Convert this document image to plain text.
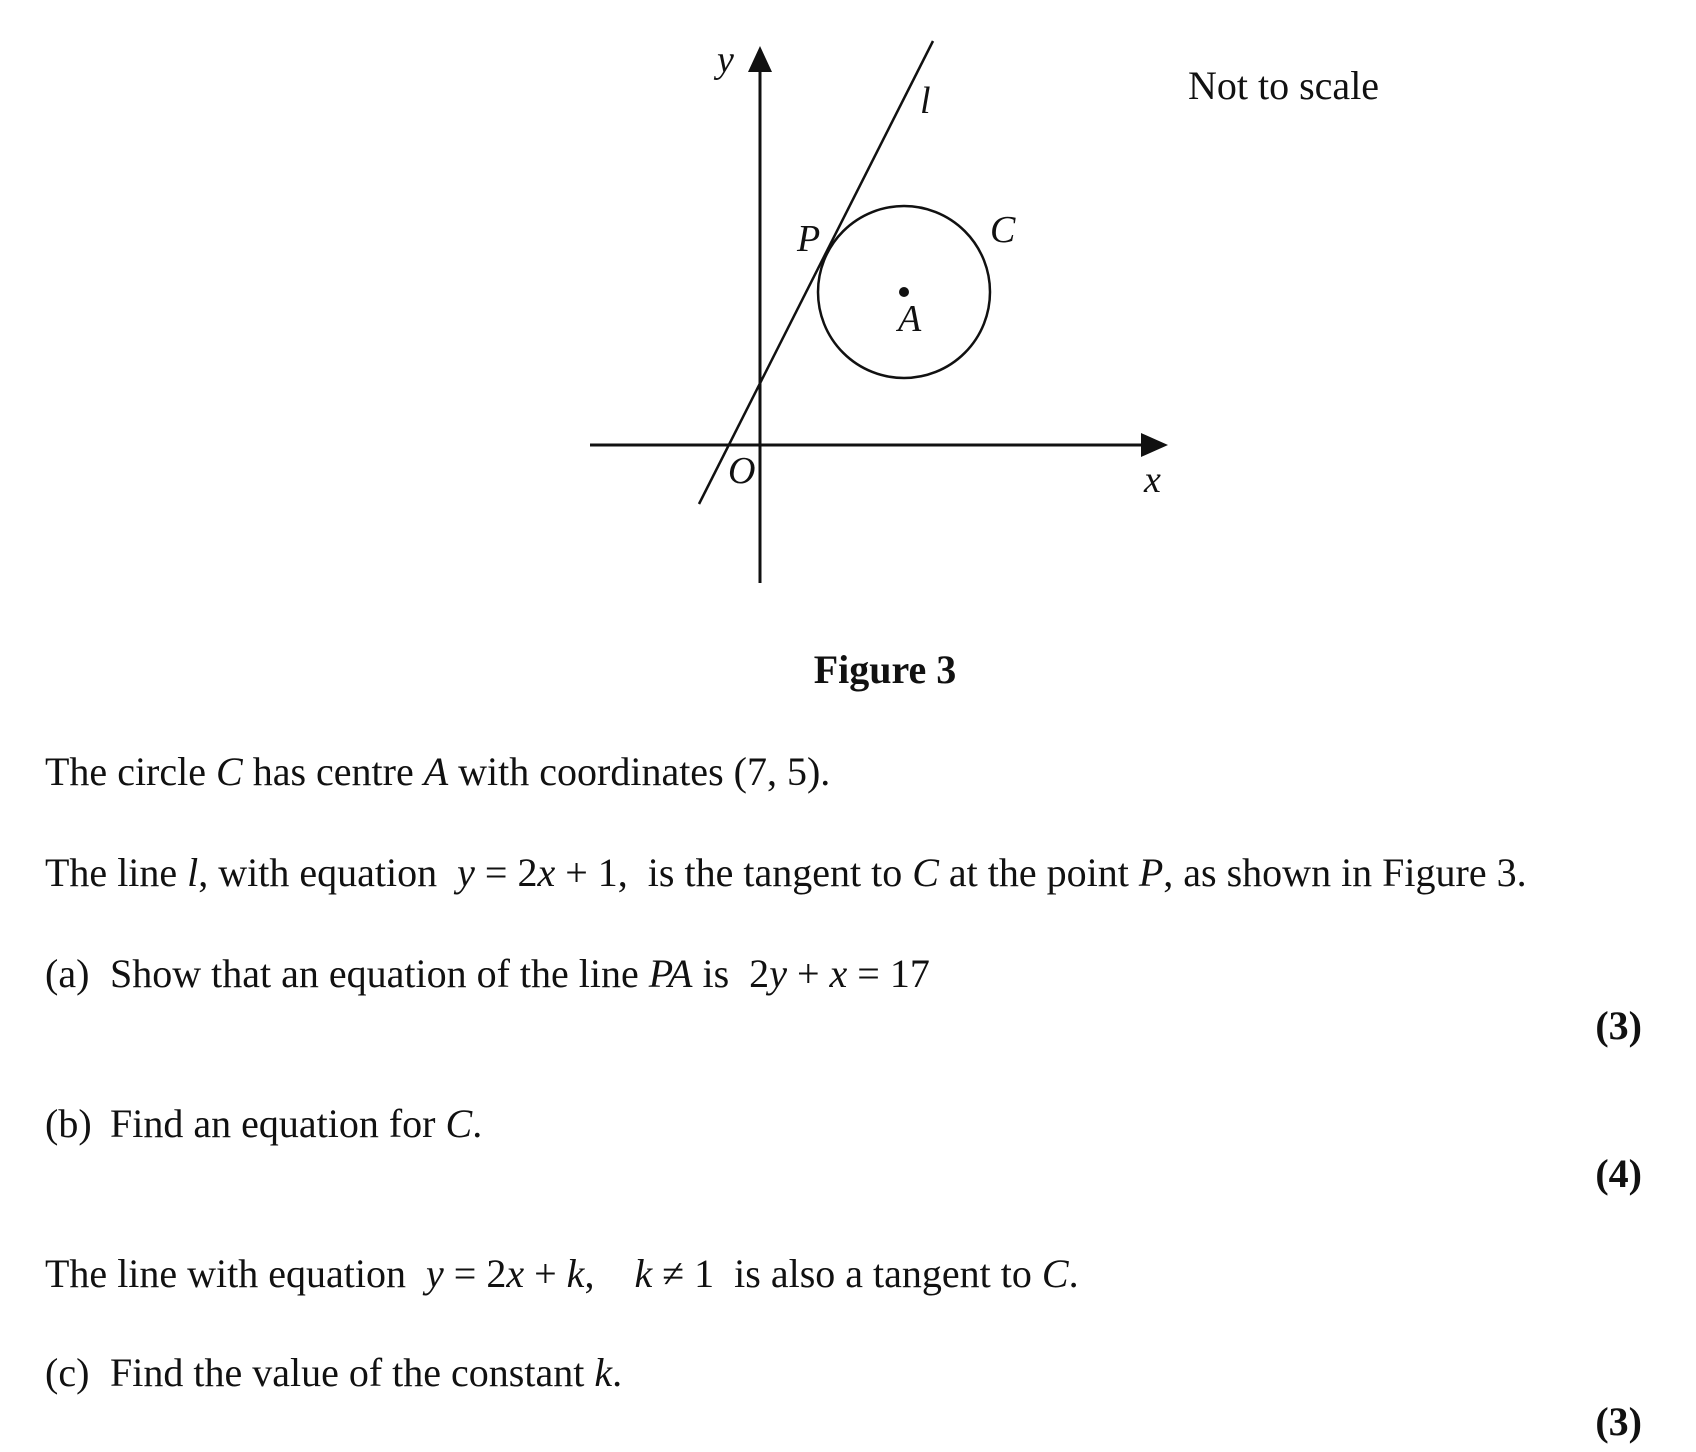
y
x
O
l
C
P
A
Not to scale
Figure 3
The circle C has centre A with coordinates (7, 5).
The line l, with equation  y = 2x + 1,  is the tangent to C at the point P, as shown in Figure 3.
(a) Show that an equation of the line PA is  2y + x = 17
(3)
(b) Find an equation for C.
(4)
The line with equation  y = 2x + k,    k ≠ 1  is also a tangent to C.
(c) Find the value of the constant k.
(3)
